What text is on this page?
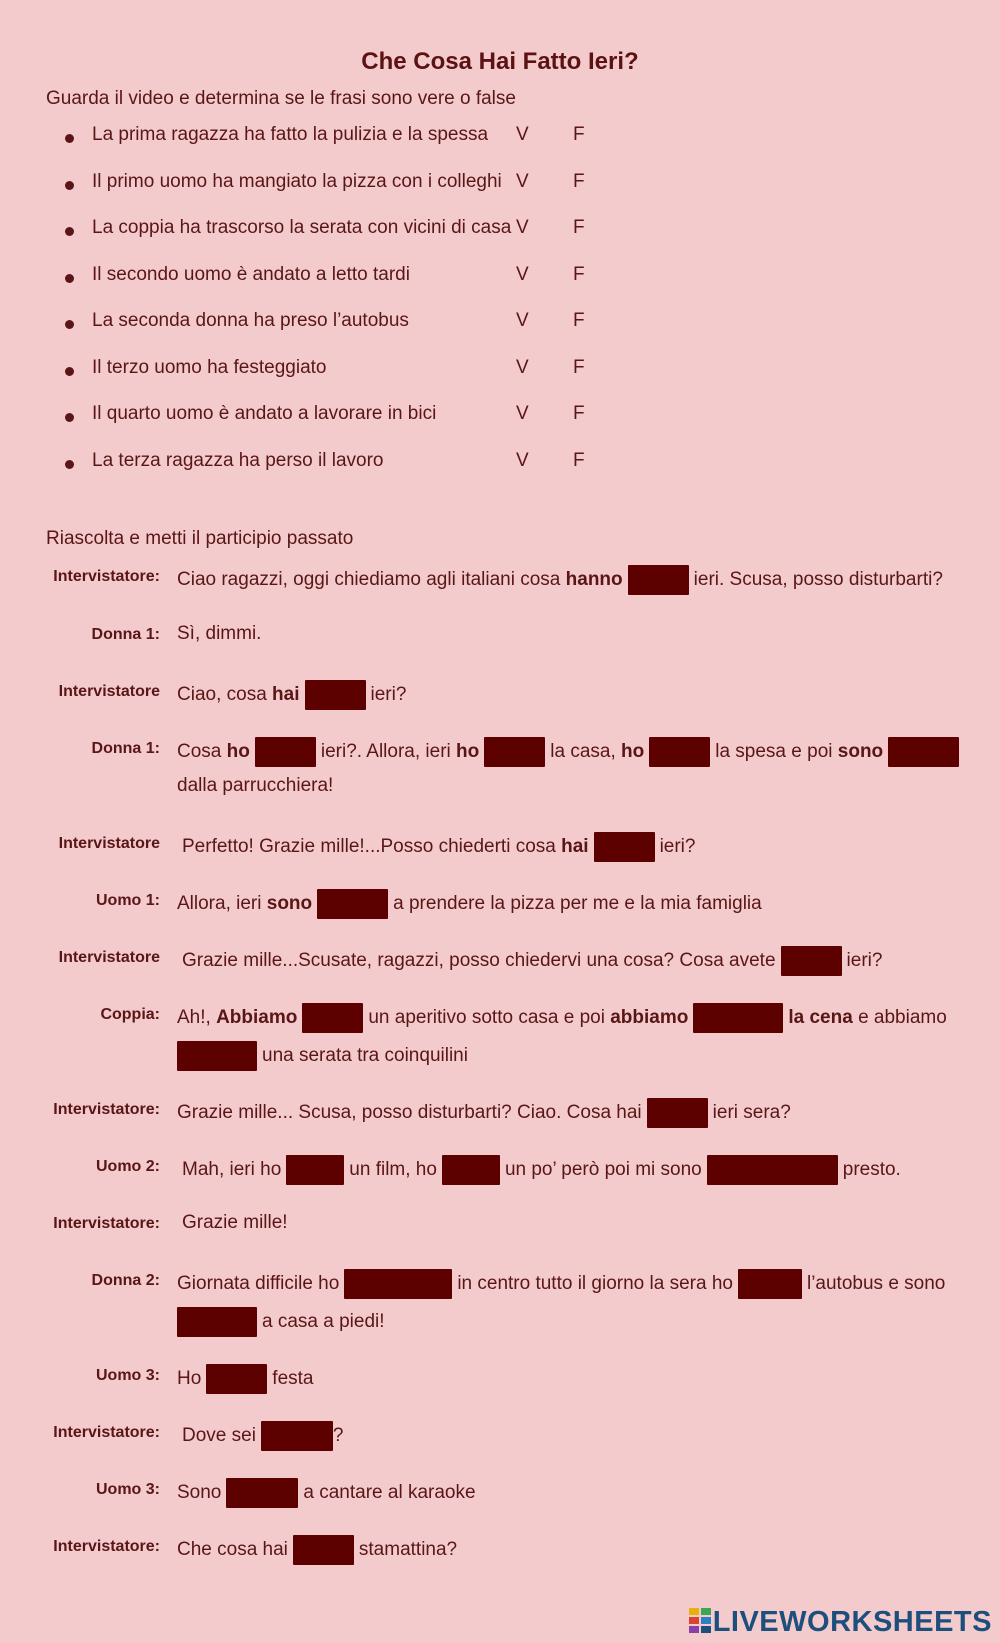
Che Cosa Hai Fatto Ieri?
Guarda il video e determina se le frasi sono vere o false
La prima ragazza ha fatto la pulizia e la spessa V F
Il primo uomo ha mangiato la pizza con i colleghi V F
La coppia ha trascorso la serata con vicini di casa V F
Il secondo uomo è andato a letto tardi	V F
La seconda donna ha preso l’autobus	V F
Il terzo uomo ha festeggiato	V F
Il quarto uomo è andato a lavorare in bici	V F
La terza ragazza ha perso il lavoro	V F
Riascolta e metti il participio passato
Intervistatore: Ciao ragazzi, oggi chiediamo agli italiani cosa hanno	ieri. Scusa, posso disturbarti?
Donna 1: Sì, dimmi.
Intervistatore Ciao, cosa hai	ieri?
Donna 1: Cosa ho	ieri?. Allora, ieri ho	la casa, ho	la spesa e poi sono
dalla parrucchiera!
Intervistatore Perfetto! Grazie mille!...Posso chiederti cosa hai	ieri?
Uomo 1: Allora, ieri sono	a prendere la pizza per me e la mia famiglia
Intervistatore Grazie mille...Scusate, ragazzi, posso chiedervi una cosa? Cosa avete	ieri?
Coppia: Ah!, Abbiamo	un aperitivo sotto casa e poi abbiamo	la cena e abbiamo
una serata tra coinquilini
Intervistatore: Grazie mille... Scusa, posso disturbarti? Ciao. Cosa hai	ieri sera?
Uomo 2: Mah, ieri ho	un film, ho	un po’ però poi mi sono	presto.
Intervistatore: Grazie mille!
Donna 2: Giornata difficile ho	in centro tutto il giorno la sera ho	l’autobus e sono
a casa a piedi!
Uomo 3: Ho	festa
Intervistatore: Dove sei	?
Uomo 3: Sono	a cantare al karaoke
Intervistatore: Che cosa hai	stamattina?
LIVEWORKSHEETS
